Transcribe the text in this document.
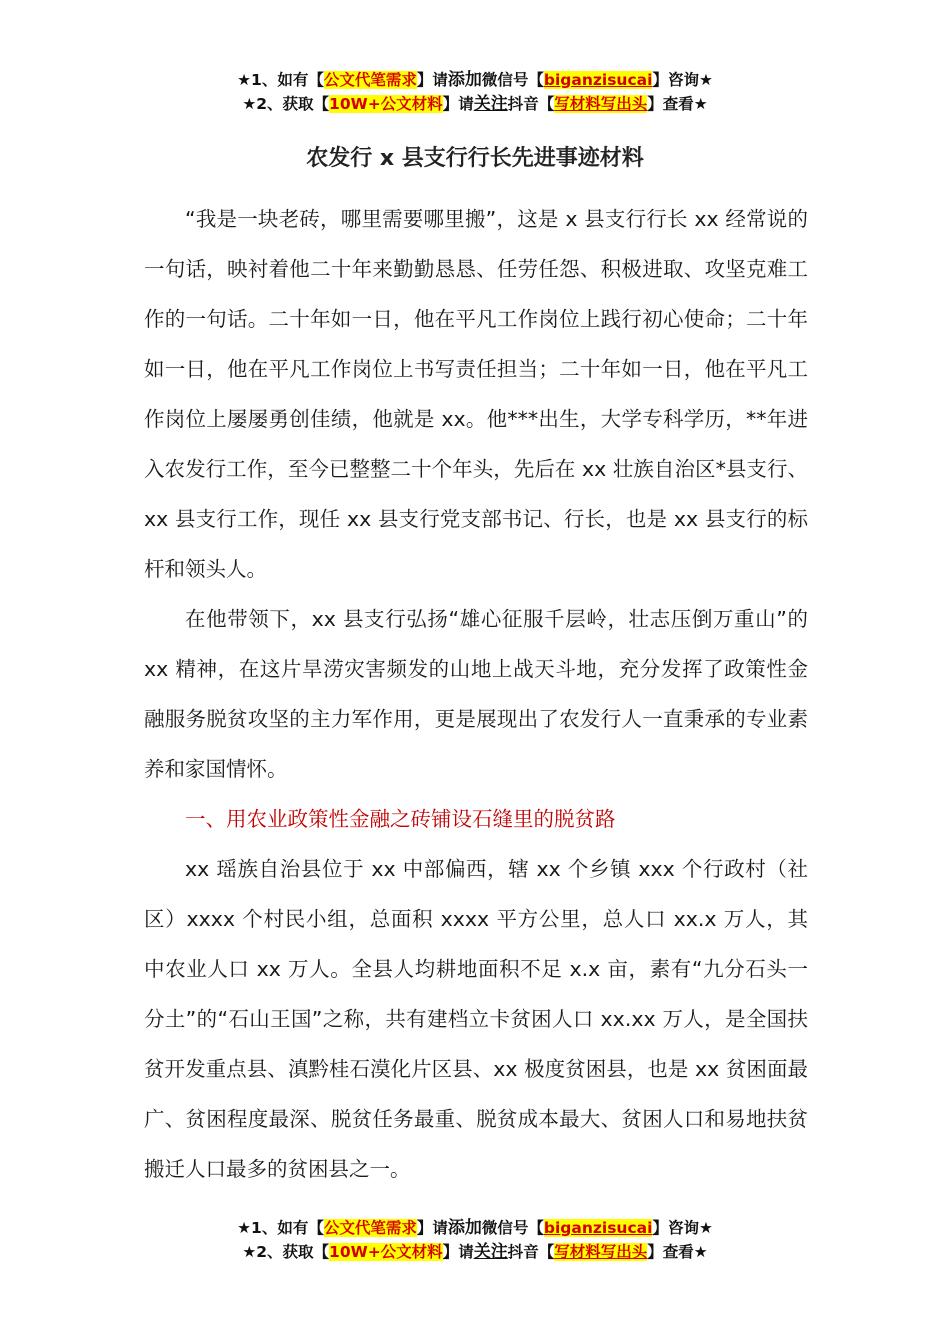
★1、如有【公文代笔需求】请添加微信号【biganzisucai】咨询★
★2、获取【10W+公文材料】请关注抖音【写材料写出头】查看★
农发行 x 县支行行长先进事迹材料

“我是一块老砖，哪里需要哪里搬”，这是 x 县支行行长 xx 经常说的一句话，映衬着他二十年来勤勤恳恳、任劳任怨、积极进取、攻坚克难工作的一句话。二十年如一日，他在平凡工作岗位上践行初心使命；二十年如一日，他在平凡工作岗位上书写责任担当；二十年如一日，他在平凡工作岗位上屡屡勇创佳绩，他就是 xx。他***出生，大学专科学历，**年进入农发行工作，至今已整整二十个年头，先后在 xx 壮族自治区*县支行、xx 县支行工作，现任 xx 县支行党支部书记、行长，也是 xx 县支行的标杆和领头人。

在他带领下，xx 县支行弘扬“雄心征服千层岭，壮志压倒万重山”的 xx 精神，在这片旱涝灾害频发的山地上战天斗地，充分发挥了政策性金融服务脱贫攻坚的主力军作用，更是展现出了农发行人一直秉承的专业素养和家国情怀。

一、用农业政策性金融之砖铺设石缝里的脱贫路

xx 瑶族自治县位于 xx 中部偏西，辖 xx 个乡镇 xxx 个行政村（社区）xxxx 个村民小组，总面积 xxxx 平方公里，总人口 xx.x 万人，其中农业人口 xx 万人。全县人均耕地面积不足 x.x 亩，素有“九分石头一分土”的“石山王国”之称，共有建档立卡贫困人口 xx.xx 万人，是全国扶贫开发重点县、滇黔桂石漠化片区县、xx 极度贫困县，也是 xx 贫困面最广、贫困程度最深、脱贫任务最重、脱贫成本最大、贫困人口和易地扶贫搬迁人口最多的贫困县之一。

★1、如有【公文代笔需求】请添加微信号【biganzisucai】咨询★
★2、获取【10W+公文材料】请关注抖音【写材料写出头】查看★
